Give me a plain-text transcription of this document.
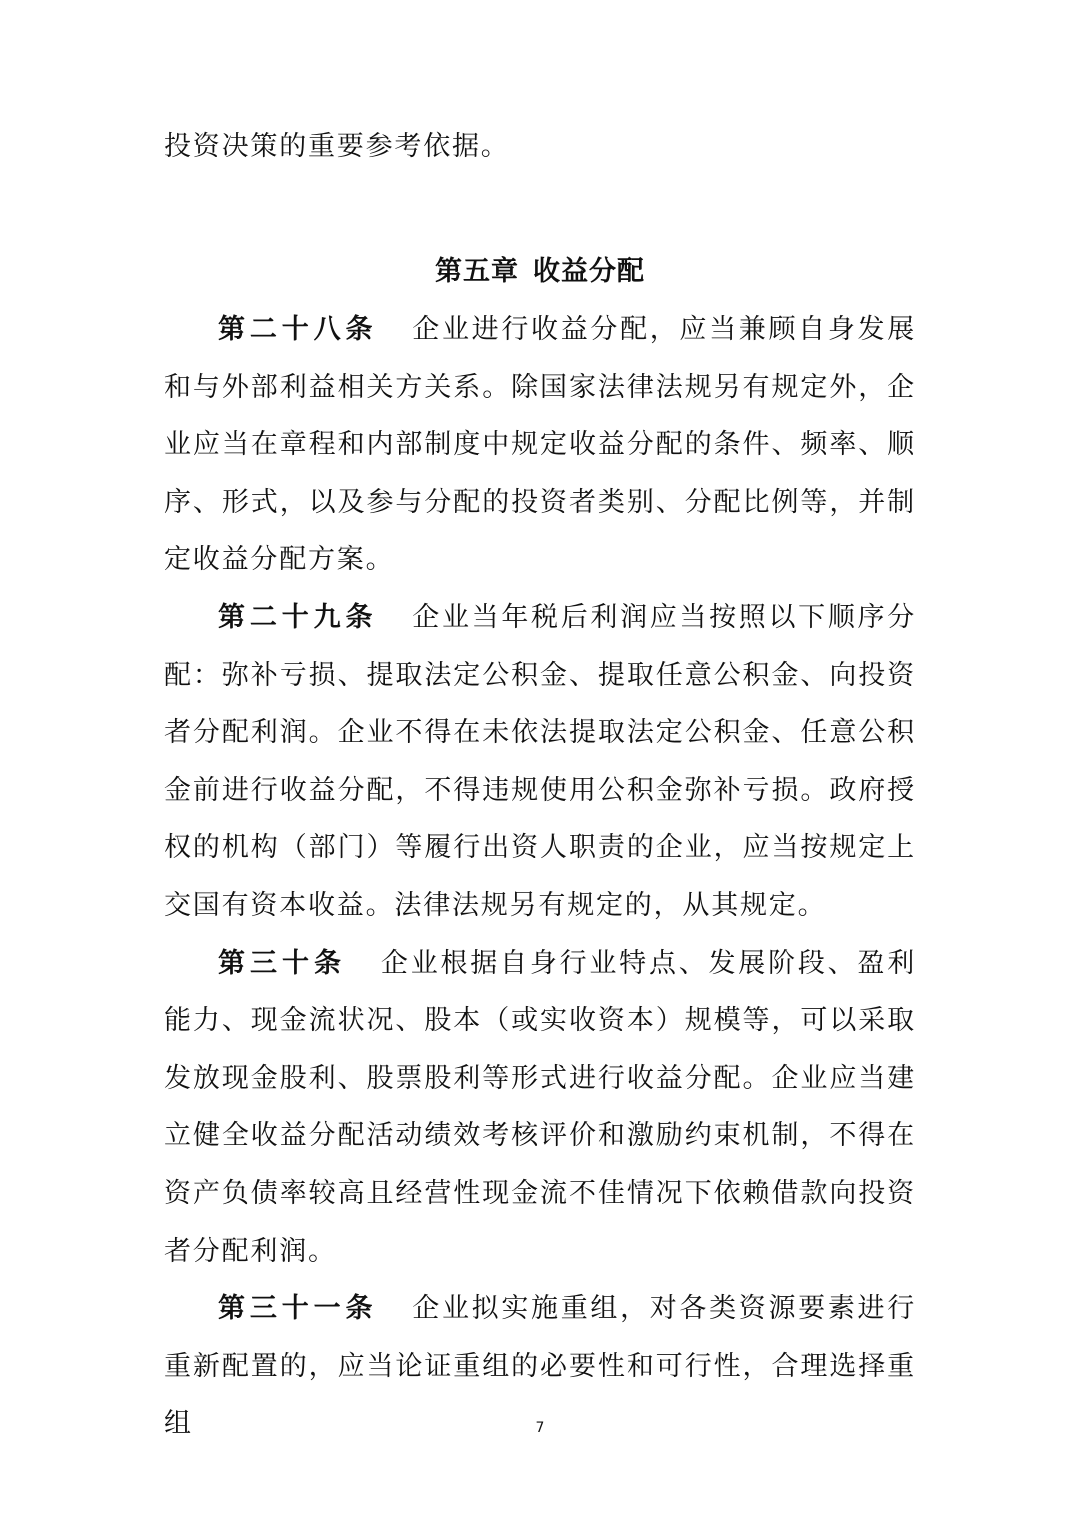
投资决策的重要参考依据。

第五章 收益分配

第二十八条 企业进行收益分配，应当兼顾自身发展和与外部利益相关方关系。除国家法律法规另有规定外，企业应当在章程和内部制度中规定收益分配的条件、频率、顺序、形式，以及参与分配的投资者类别、分配比例等，并制定收益分配方案。

第二十九条 企业当年税后利润应当按照以下顺序分配：弥补亏损、提取法定公积金、提取任意公积金、向投资者分配利润。企业不得在未依法提取法定公积金、任意公积金前进行收益分配，不得违规使用公积金弥补亏损。政府授权的机构（部门）等履行出资人职责的企业，应当按规定上交国有资本收益。法律法规另有规定的，从其规定。

第三十条 企业根据自身行业特点、发展阶段、盈利能力、现金流状况、股本（或实收资本）规模等，可以采取发放现金股利、股票股利等形式进行收益分配。企业应当建立健全收益分配活动绩效考核评价和激励约束机制，不得在资产负债率较高且经营性现金流不佳情况下依赖借款向投资者分配利润。

第三十一条 企业拟实施重组，对各类资源要素进行重新配置的，应当论证重组的必要性和可行性，合理选择重组	7
